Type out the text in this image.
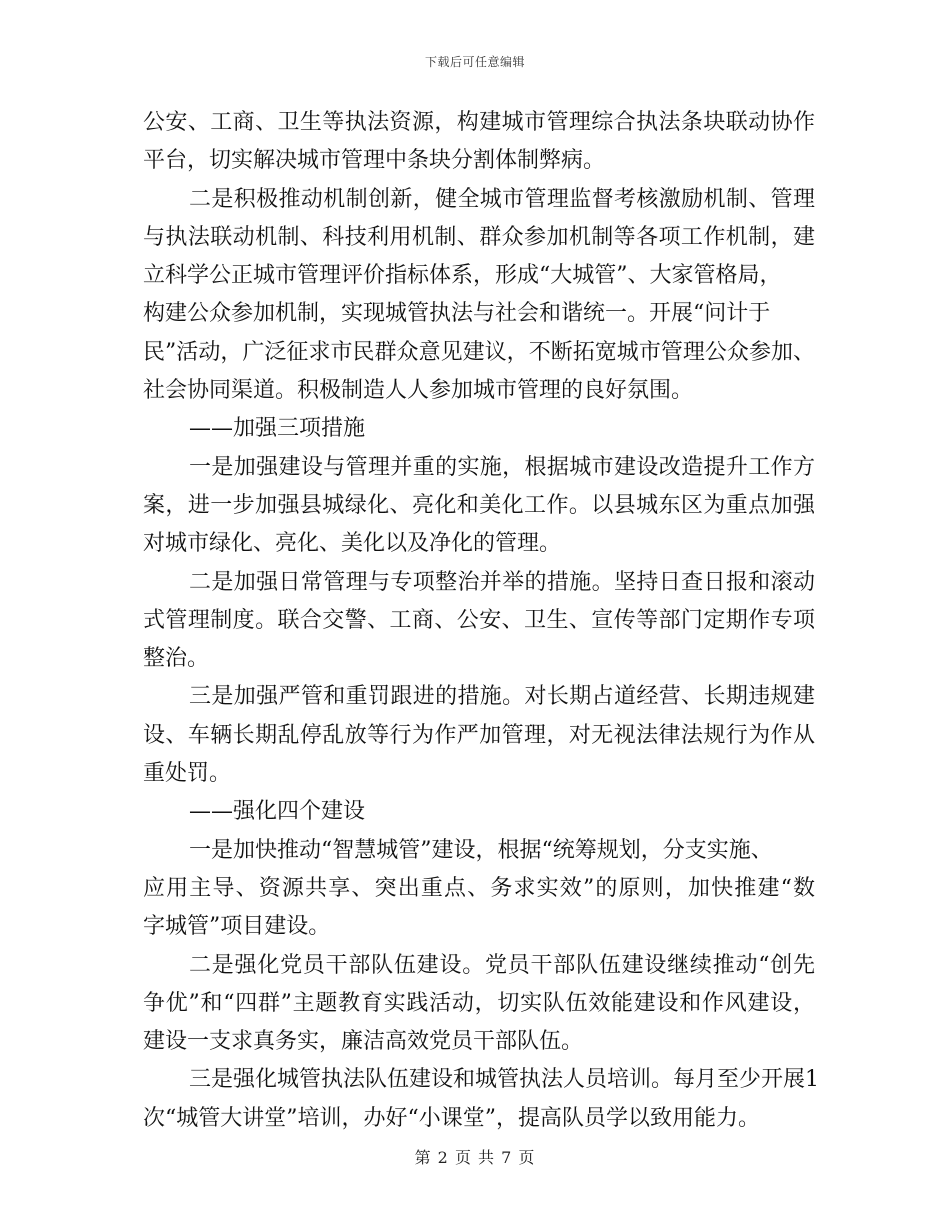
下载后可任意编辑
公安、工商、卫生等执法资源，构建城市管理综合执法条块联动协作
平台，切实解决城市管理中条块分割体制弊病。
二是积极推动机制创新，健全城市管理监督考核激励机制、管理
与执法联动机制、科技利用机制、群众参加机制等各项工作机制，建
立科学公正城市管理评价指标体系，形成“大城管”、大家管格局，
构建公众参加机制，实现城管执法与社会和谐统一。开展“问计于
民”活动，广泛征求市民群众意见建议，不断拓宽城市管理公众参加、
社会协同渠道。积极制造人人参加城市管理的良好氛围。
——加强三项措施
一是加强建设与管理并重的实施，根据城市建设改造提升工作方
案，进一步加强县城绿化、亮化和美化工作。以县城东区为重点加强
对城市绿化、亮化、美化以及净化的管理。
二是加强日常管理与专项整治并举的措施。坚持日查日报和滚动
式管理制度。联合交警、工商、公安、卫生、宣传等部门定期作专项
整治。
三是加强严管和重罚跟进的措施。对长期占道经营、长期违规建
设、车辆长期乱停乱放等行为作严加管理，对无视法律法规行为作从
重处罚。
——强化四个建设
一是加快推动“智慧城管”建设，根据“统筹规划，分支实施、
应用主导、资源共享、突出重点、务求实效”的原则，加快推建“数
字城管”项目建设。
二是强化党员干部队伍建设。党员干部队伍建设继续推动“创先
争优”和“四群”主题教育实践活动，切实队伍效能建设和作风建设，
建设一支求真务实，廉洁高效党员干部队伍。
三是强化城管执法队伍建设和城管执法人员培训。每月至少开展1
次“城管大讲堂”培训，办好“小课堂”，提高队员学以致用能力。
第 2 页 共 7 页
